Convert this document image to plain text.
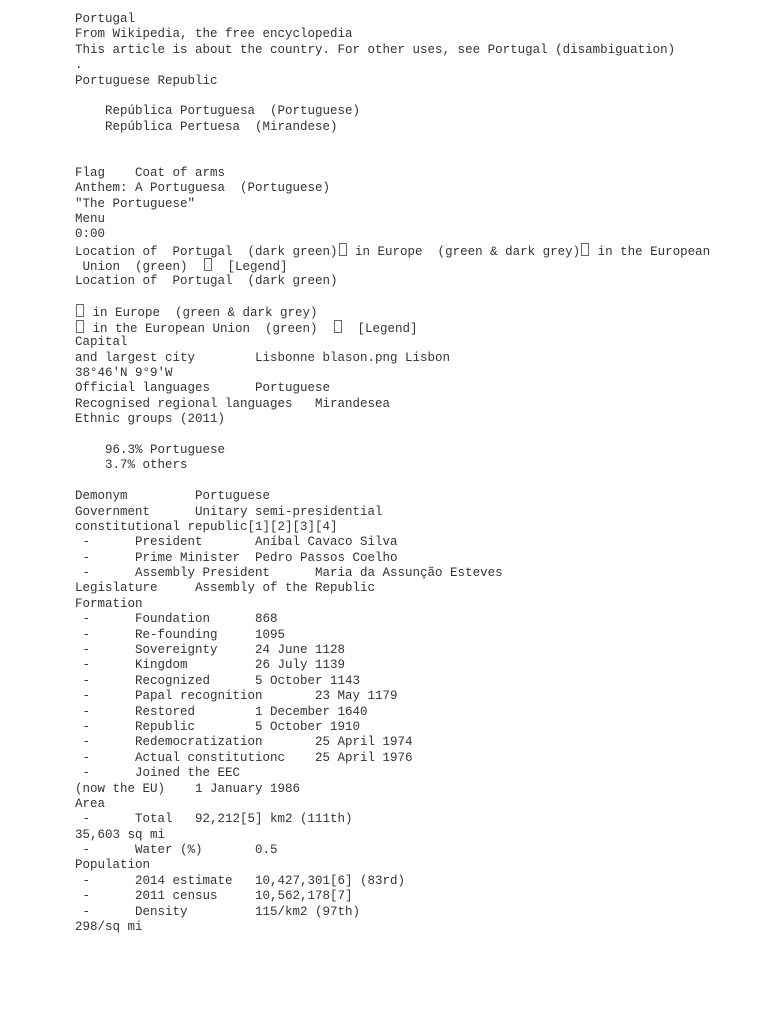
Portugal
From Wikipedia, the free encyclopedia
This article is about the country. For other uses, see Portugal (disambiguation)
.
Portuguese Republic
República Portuguesa  (Portuguese)
República Pertuesa  (Mirandese)
Flag    Coat of arms
Anthem: A Portuguesa  (Portuguese)
"The Portuguese"
Menu
0:00
Location of  Portugal  (dark green) in Europe  (green & dark grey) in the European
Union  (green)    [Legend]
Location of  Portugal  (dark green)
in Europe  (green & dark grey)
in the European Union  (green)    [Legend]
Capital
and largest city        Lisbonne blason.png Lisbon
38°46′N 9°9′W
Official languages      Portuguese
Recognised regional languages   Mirandesea
Ethnic groups (2011)
96.3% Portuguese
3.7% others
Demonym         Portuguese
Government      Unitary semi-presidential
constitutional republic[1][2][3][4]
-      President       Aníbal Cavaco Silva
-      Prime Minister  Pedro Passos Coelho
-      Assembly President      Maria da Assunção Esteves
Legislature     Assembly of the Republic
Formation
-      Foundation      868
-      Re-founding     1095
-      Sovereignty     24 June 1128
-      Kingdom         26 July 1139
-      Recognized      5 October 1143
-      Papal recognition       23 May 1179
-      Restored        1 December 1640
-      Republic        5 October 1910
-      Redemocratization       25 April 1974
-      Actual constitutionc    25 April 1976
-      Joined the EEC
(now the EU)    1 January 1986
Area
-      Total   92,212[5] km2 (111th)
35,603 sq mi
-      Water (%)       0.5
Population
-      2014 estimate   10,427,301[6] (83rd)
-      2011 census     10,562,178[7]
-      Density         115/km2 (97th)
298/sq mi
